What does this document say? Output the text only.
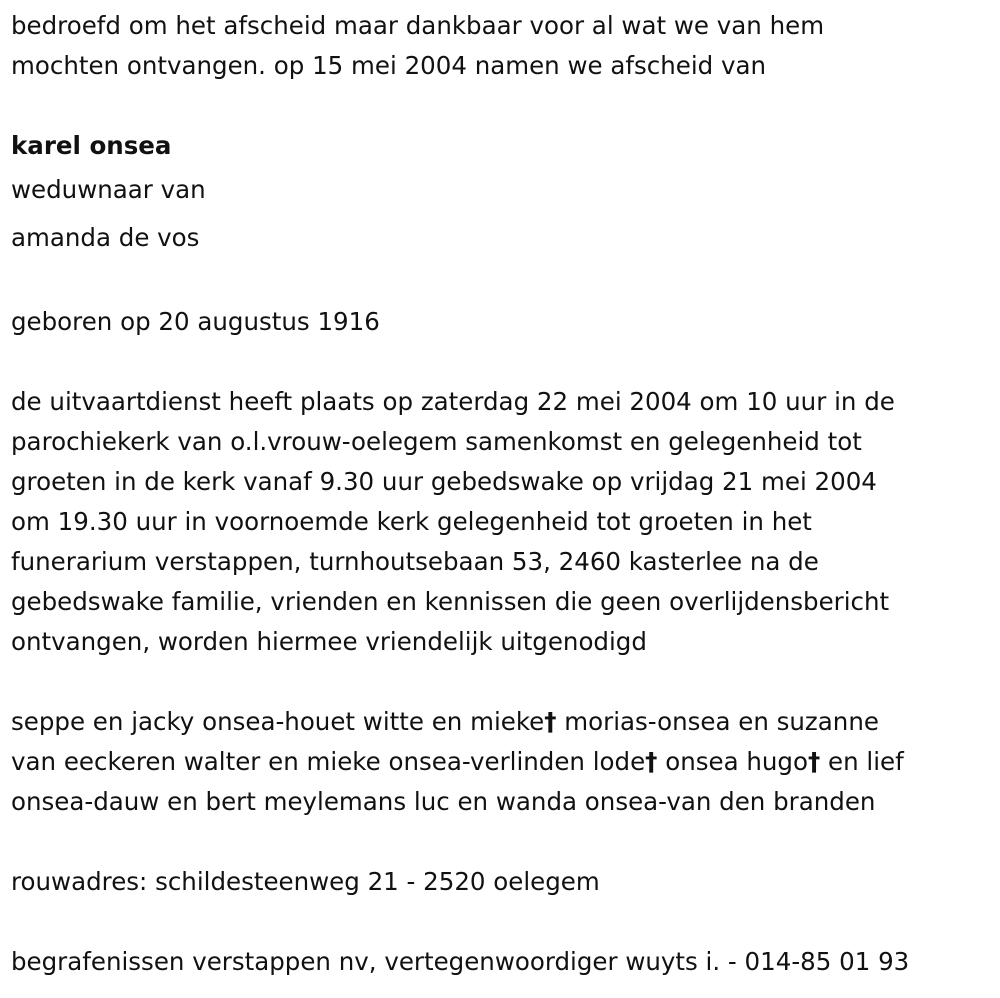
bedroefd om het afscheid maar dankbaar voor al wat we van hem

mochten ontvangen. op 15 mei 2004 namen we afscheid van

karel onsea

weduwnaar van

amanda de vos

geboren op 20 augustus 1916

de uitvaartdienst heeft plaats op zaterdag 22 mei 2004 om 10 uur in de

parochiekerk van o.l.vrouw-oelegem samenkomst en gelegenheid tot

groeten in de kerk vanaf 9.30 uur gebedswake op vrijdag 21 mei 2004

om 19.30 uur in voornoemde kerk gelegenheid tot groeten in het

funerarium verstappen, turnhoutsebaan 53, 2460 kasterlee na de

gebedswake familie, vrienden en kennissen die geen overlijdensbericht

ontvangen, worden hiermee vriendelijk uitgenodigd

seppe en jacky onsea-houet witte en mieke† morias-onsea en suzanne

van eeckeren walter en mieke onsea-verlinden lode† onsea hugo† en lief

onsea-dauw en bert meylemans luc en wanda onsea-van den branden

rouwadres: schildesteenweg 21 - 2520 oelegem

begrafenissen verstappen nv, vertegenwoordiger wuyts i. - 014-85 01 93
